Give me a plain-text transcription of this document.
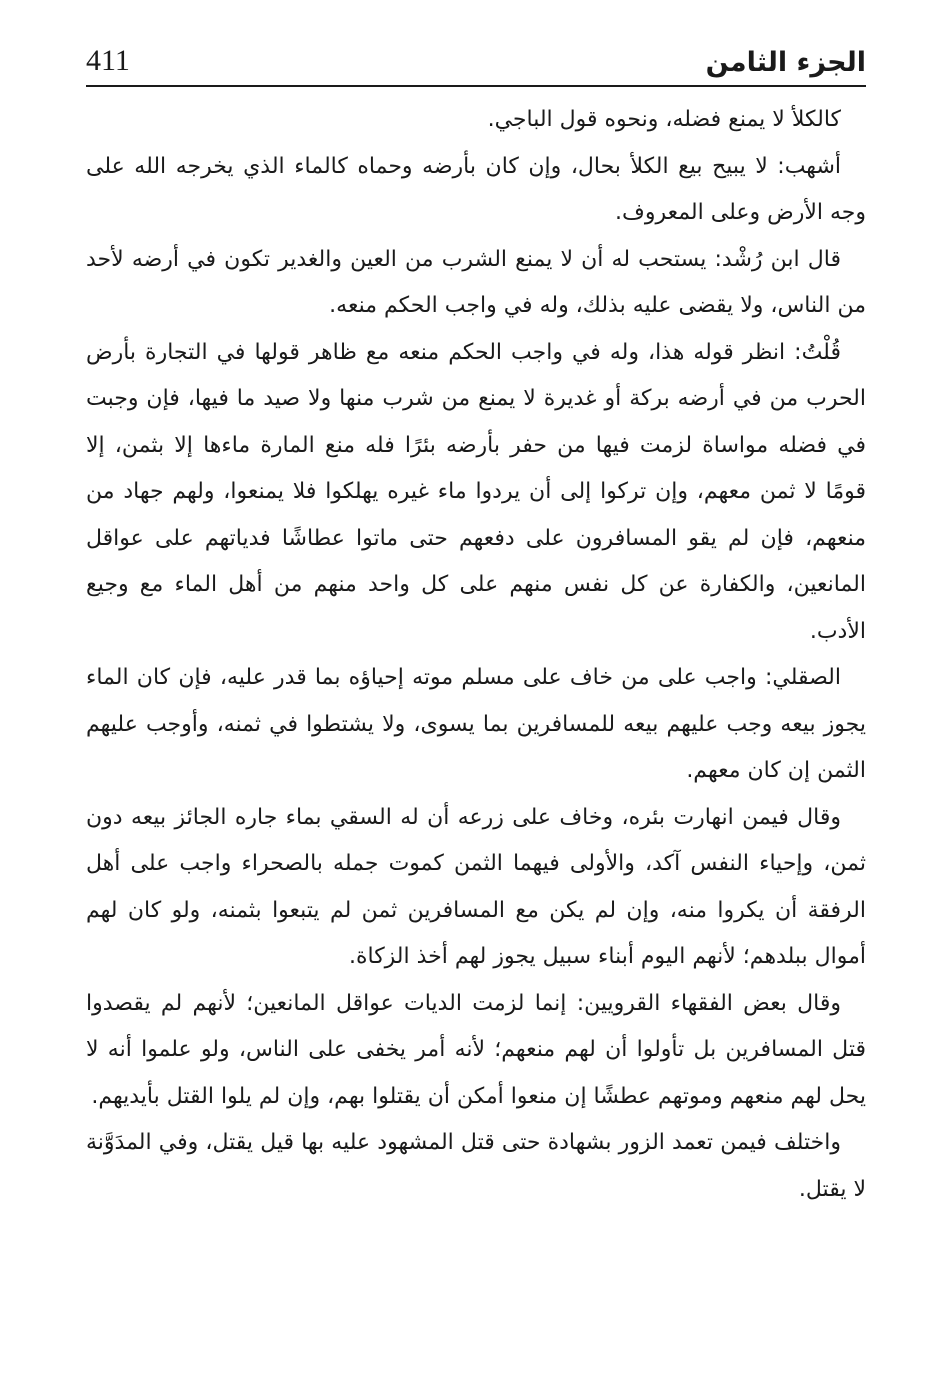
411	الجزء الثامن

كالكلأ لا يمنع فضله، ونحوه قول الباجي.

أشهب: لا يبيح بيع الكلأ بحال، وإن كان بأرضه وحماه كالماء الذي يخرجه الله على وجه الأرض وعلى المعروف.

قال ابن رُشْد: يستحب له أن لا يمنع الشرب من العين والغدير تكون في أرضه لأحد من الناس، ولا يقضى عليه بذلك، وله في واجب الحكم منعه.

قُلْتُ: انظر قوله هذا، وله في واجب الحكم منعه مع ظاهر قولها في التجارة بأرض الحرب من في أرضه بركة أو غديرة لا يمنع من شرب منها ولا صيد ما فيها، فإن وجبت في فضله مواساة لزمت فيها من حفر بأرضه بئرًا فله منع المارة ماءها إلا بثمن، إلا قومًا لا ثمن معهم، وإن تركوا إلى أن يردوا ماء غيره يهلكوا فلا يمنعوا، ولهم جهاد من منعهم، فإن لم يقو المسافرون على دفعهم حتى ماتوا عطاشًا فدياتهم على عواقل المانعين، والكفارة عن كل نفس منهم على كل واحد منهم من أهل الماء مع وجيع الأدب.

الصقلي: واجب على من خاف على مسلم موته إحياؤه بما قدر عليه، فإن كان الماء يجوز بيعه وجب عليهم بيعه للمسافرين بما يسوى، ولا يشتطوا في ثمنه، وأوجب عليهم الثمن إن كان معهم.

وقال فيمن انهارت بئره، وخاف على زرعه أن له السقي بماء جاره الجائز بيعه دون ثمن، وإحياء النفس آكد، والأولى فيهما الثمن كموت جمله بالصحراء واجب على أهل الرفقة أن يكروا منه، وإن لم يكن مع المسافرين ثمن لم يتبعوا بثمنه، ولو كان لهم أموال ببلدهم؛ لأنهم اليوم أبناء سبيل يجوز لهم أخذ الزكاة.

وقال بعض الفقهاء القرويين: إنما لزمت الديات عواقل المانعين؛ لأنهم لم يقصدوا قتل المسافرين بل تأولوا أن لهم منعهم؛ لأنه أمر يخفى على الناس، ولو علموا أنه لا يحل لهم منعهم وموتهم عطشًا إن منعوا أمكن أن يقتلوا بهم، وإن لم يلوا القتل بأيديهم.

واختلف فيمن تعمد الزور بشهادة حتى قتل المشهود عليه بها قيل يقتل، وفي المدَوَّنة لا يقتل.
